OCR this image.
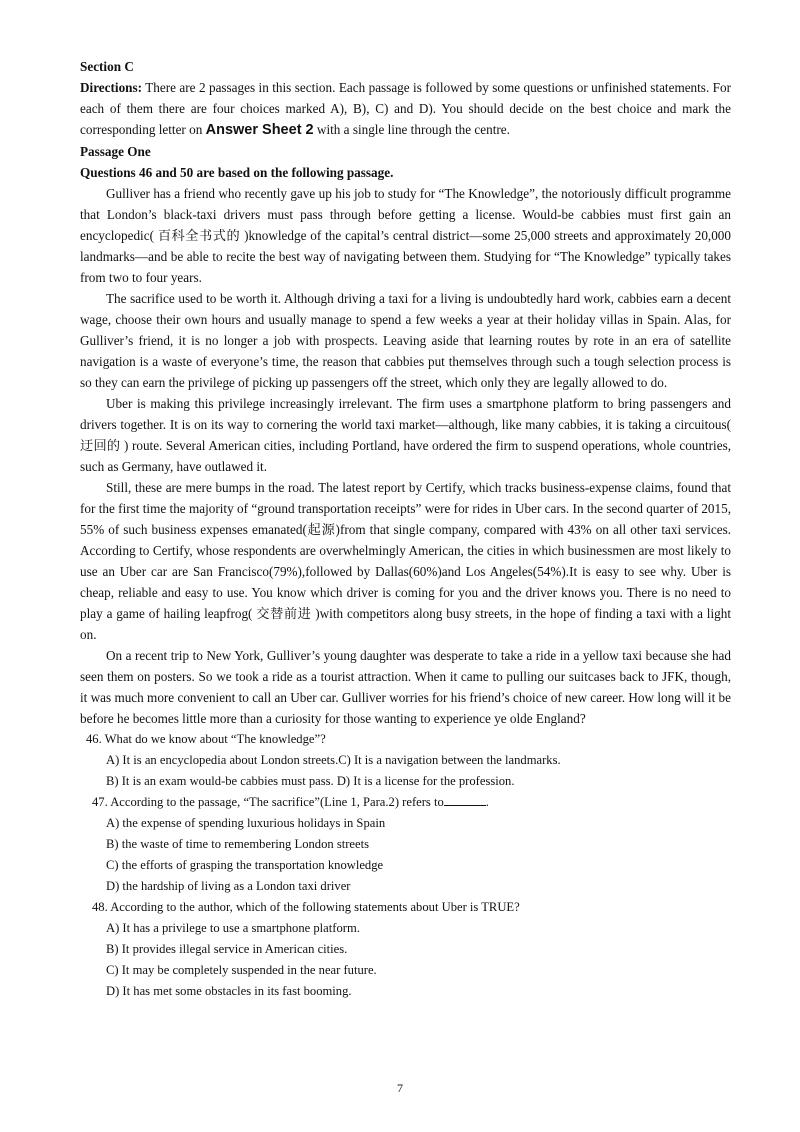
Section C

Directions: There are 2 passages in this section. Each passage is followed by some questions or unfinished statements. For each of them there are four choices marked A), B), C) and D). You should decide on the best choice and mark the corresponding letter on Answer Sheet 2 with a single line through the centre.

Passage One

Questions 46 and 50 are based on the following passage.

Gulliver has a friend who recently gave up his job to study for “The Knowledge”, the notoriously difficult programme that London’s black-taxi drivers must pass through before getting a license. Would-be cabbies must first gain an encyclopedic( 百科全书式的 )knowledge of the capital’s central district—some 25,000 streets and approximately 20,000 landmarks—and be able to recite the best way of navigating between them. Studying for “The Knowledge” typically takes from two to four years.

The sacrifice used to be worth it. Although driving a taxi for a living is undoubtedly hard work, cabbies earn a decent wage, choose their own hours and usually manage to spend a few weeks a year at their holiday villas in Spain. Alas, for Gulliver’s friend, it is no longer a job with prospects. Leaving aside that learning routes by rote in an era of satellite navigation is a waste of everyone’s time, the reason that cabbies put themselves through such a tough selection process is so they can earn the privilege of picking up passengers off the street, which only they are legally allowed to do.

Uber is making this privilege increasingly irrelevant. The firm uses a smartphone platform to bring passengers and drivers together. It is on its way to cornering the world taxi market—although, like many cabbies, it is taking a circuitous( 迂回的 ) route. Several American cities, including Portland, have ordered the firm to suspend operations, whole countries, such as Germany, have outlawed it.

Still, these are mere bumps in the road. The latest report by Certify, which tracks business-expense claims, found that for the first time the majority of “ground transportation receipts” were for rides in Uber cars. In the second quarter of 2015, 55% of such business expenses emanated(起源)from that single company, compared with 43% on all other taxi services. According to Certify, whose respondents are overwhelmingly American, the cities in which businessmen are most likely to use an Uber car are San Francisco(79%),followed by Dallas(60%)and Los Angeles(54%).It is easy to see why. Uber is cheap, reliable and easy to use. You know which driver is coming for you and the driver knows you. There is no need to play a game of hailing leapfrog( 交替前进 )with competitors along busy streets, in the hope of finding a taxi with a light on.

On a recent trip to New York, Gulliver’s young daughter was desperate to take a ride in a yellow taxi because she had seen them on posters. So we took a ride as a tourist attraction. When it came to pulling our suitcases back to JFK, though, it was much more convenient to call an Uber car. Gulliver worries for his friend’s choice of new career. How long will it be before he becomes little more than a curiosity for those wanting to experience ye olde England?

46. What do we know about “The knowledge”?

A) It is an encyclopedia about London streets.C) It is a navigation between the landmarks.

B) It is an exam would-be cabbies must pass. D) It is a license for the profession.

47. According to the passage, “The sacrifice”(Line 1, Para.2) refers to	.

A) the expense of spending luxurious holidays in Spain

B) the waste of time to remembering London streets

C) the efforts of grasping the transportation knowledge

D) the hardship of living as a London taxi driver

48. According to the author, which of the following statements about Uber is TRUE?

A) It has a privilege to use a smartphone platform.

B) It provides illegal service in American cities.

C) It may be completely suspended in the near future.

D) It has met some obstacles in its fast booming.

7
